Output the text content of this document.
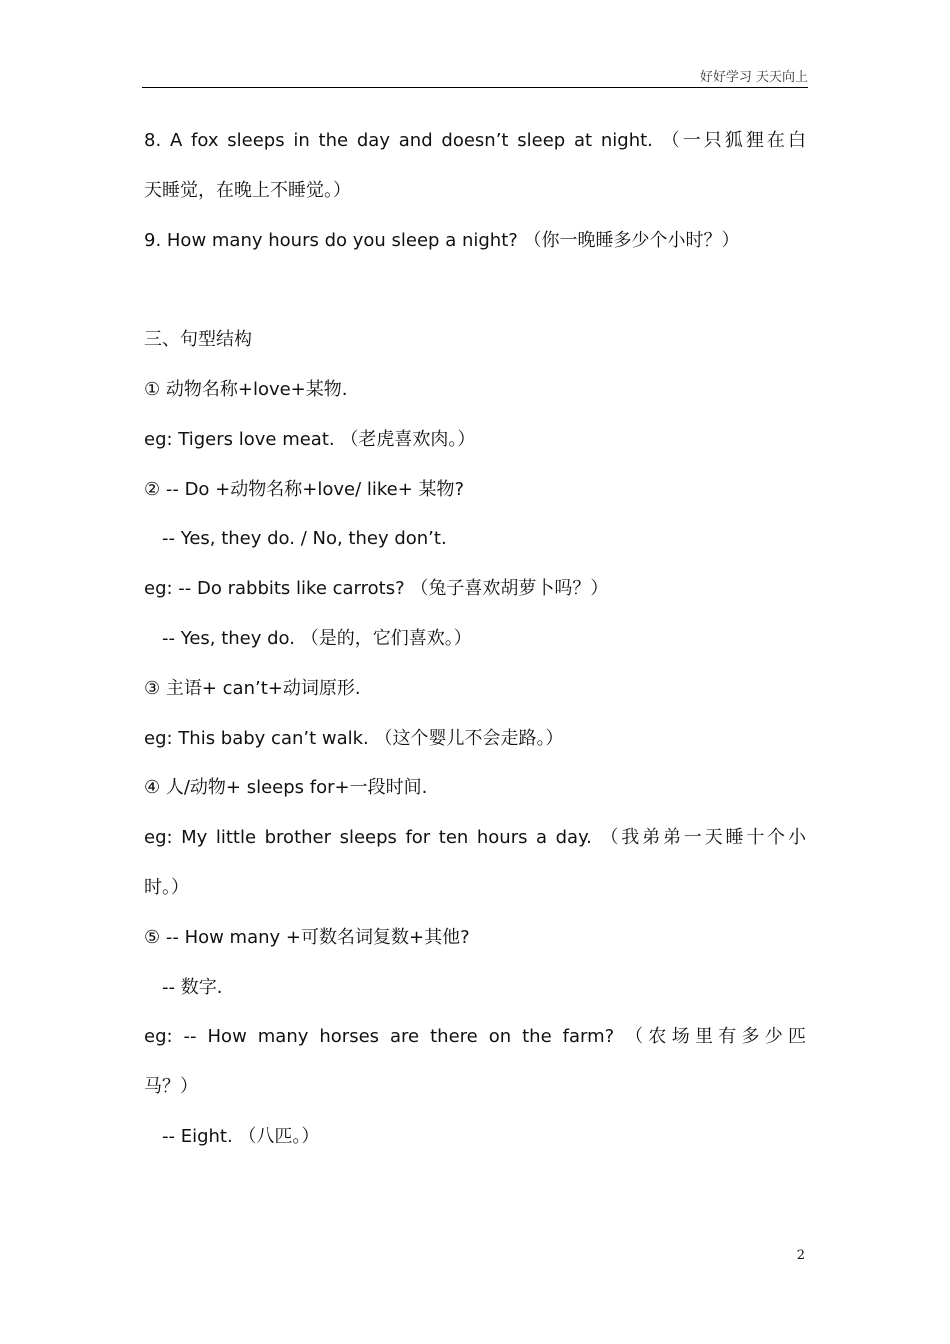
好好学习 天天向上
8. A fox sleeps in the day and doesn’t sleep at night. （一只狐狸在白
天睡觉，在晚上不睡觉。）
9. How many hours do you sleep a night? （你一晚睡多少个小时？）
三、句型结构
① 动物名称+love+某物.
eg: Tigers love meat. （老虎喜欢肉。）
② -- Do +动物名称+love/ like+ 某物?
-- Yes, they do. / No, they don’t.
eg: -- Do rabbits like carrots? （兔子喜欢胡萝卜吗？）
-- Yes, they do. （是的，它们喜欢。）
③ 主语+ can’t+动词原形.
eg: This baby can’t walk. （这个婴儿不会走路。）
④ 人/动物+ sleeps for+一段时间.
eg: My little brother sleeps for ten hours a day. （我弟弟一天睡十个小
时。）
⑤ -- How many +可数名词复数+其他?
-- 数字.
eg: -- How many horses are there on the farm? （农场里有多少匹
马？）
-- Eight. （八匹。）
2
